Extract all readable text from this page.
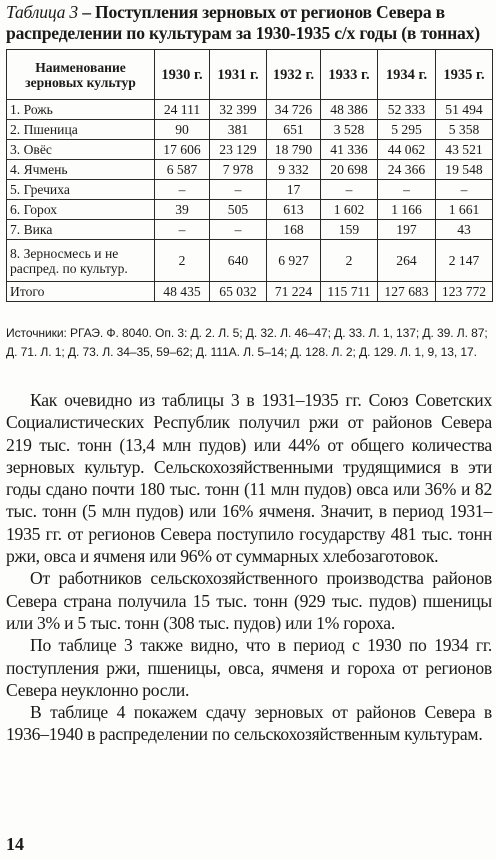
Таблица 3 – Поступления зерновых от регионов Севера в распределении по культурам за 1930-1935 с/х годы (в тоннах)
Наименование зерновых культур	1930 г.	1931 г.	1932 г.	1933 г.	1934 г.	1935 г.
1. Рожь	24 111	32 399	34 726	48 386	52 333	51 494
2. Пшеница	90	381	651	3 528	5 295	5 358
3. Овёс	17 606	23 129	18 790	41 336	44 062	43 521
4. Ячмень	6 587	7 978	9 332	20 698	24 366	19 548
5. Гречиха	–	–	17	–	–	–
6. Горох	39	505	613	1 602	1 166	1 661
7. Вика	–	–	168	159	197	43
8. Зерносмесь и не распред. по культур.	2	640	6 927	2	264	2 147
Итого	48 435	65 032	71 224	115 711	127 683	123 772
Источники: РГАЭ. Ф. 8040. Оп. 3: Д. 2. Л. 5; Д. 32. Л. 46–47; Д. 33. Л. 1, 137; Д. 39. Л. 87; Д. 71. Л. 1; Д. 73. Л. 34–35, 59–62; Д. 111А. Л. 5–14; Д. 128. Л. 2; Д. 129. Л. 1, 9, 13, 17.

Как очевидно из таблицы 3 в 1931–1935 гг. Союз Советских Социалистических Республик получил ржи от районов Севера 219 тыс. тонн (13,4 млн пудов) или 44% от общего количества зерновых культур. Сельскохозяйственными трудящимися в эти годы сдано почти 180 тыс. тонн (11 млн пудов) овса или 36% и 82 тыс. тонн (5 млн пудов) или 16% ячменя. Значит, в период 1931–1935 гг. от регионов Севера поступило государству 481 тыс. тонн ржи, овса и ячменя или 96% от суммарных хлебозаготовок.

От работников сельскохозяйственного производства районов Севера страна получила 15 тыс. тонн (929 тыс. пудов) пшеницы или 3% и 5 тыс. тонн (308 тыс. пудов) или 1% гороха.

По таблице 3 также видно, что в период с 1930 по 1934 гг. поступления ржи, пшеницы, овса, ячменя и гороха от регионов Севера неуклонно росли.

В таблице 4 покажем сдачу зерновых от районов Севера в 1936–1940 в распределении по сельскохозяйственным культурам.

14
